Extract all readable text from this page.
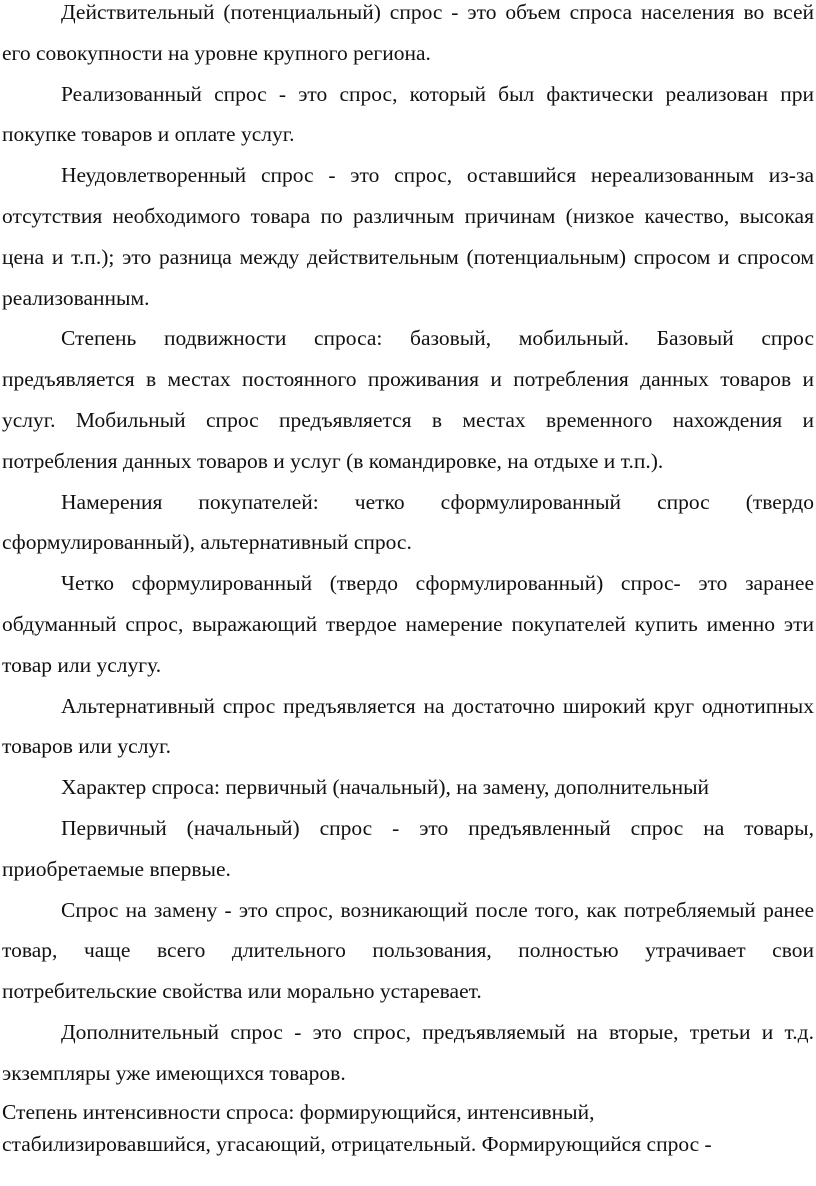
Действительный (потенциальный) спрос - это объем спроса населения во всей его совокупности на уровне крупного региона.

Реализованный спрос - это спрос, который был фактически реализован при покупке товаров и оплате услуг.

Неудовлетворенный спрос - это спрос, оставшийся нереализованным из-за отсутствия необходимого товара по различным причинам (низкое качество, высокая цена и т.п.); это разница между действительным (потенциальным) спросом и спросом реализованным.

Степень подвижности спроса: базовый, мобильный. Базовый спрос предъявляется в местах постоянного проживания и потребления данных товаров и услуг. Мобильный спрос предъявляется в местах временного нахождения и потребления данных товаров и услуг (в командировке, на отдыхе и т.п.).

Намерения покупателей: четко сформулированный спрос (твердо сформулированный), альтернативный спрос.

Четко сформулированный (твердо сформулированный) спрос- это заранее обдуманный спрос, выражающий твердое намерение покупателей купить именно эти товар или услугу.

Альтернативный спрос предъявляется на достаточно широкий круг однотипных товаров или услуг.

Характер спроса: первичный (начальный), на замену, дополнительный

Первичный (начальный) спрос - это предъявленный спрос на товары, приобретаемые впервые.

Спрос на замену - это спрос, возникающий после того, как потребляемый ранее товар, чаще всего длительного пользования, полностью утрачивает свои потребительские свойства или морально устаревает.

Дополнительный спрос - это спрос, предъявляемый на вторые, третьи и т.д. экземпляры уже имеющихся товаров.

Степень интенсивности спроса: формирующийся, интенсивный,
стабилизировавшийся, угасающий, отрицательный. Формирующийся спрос -
